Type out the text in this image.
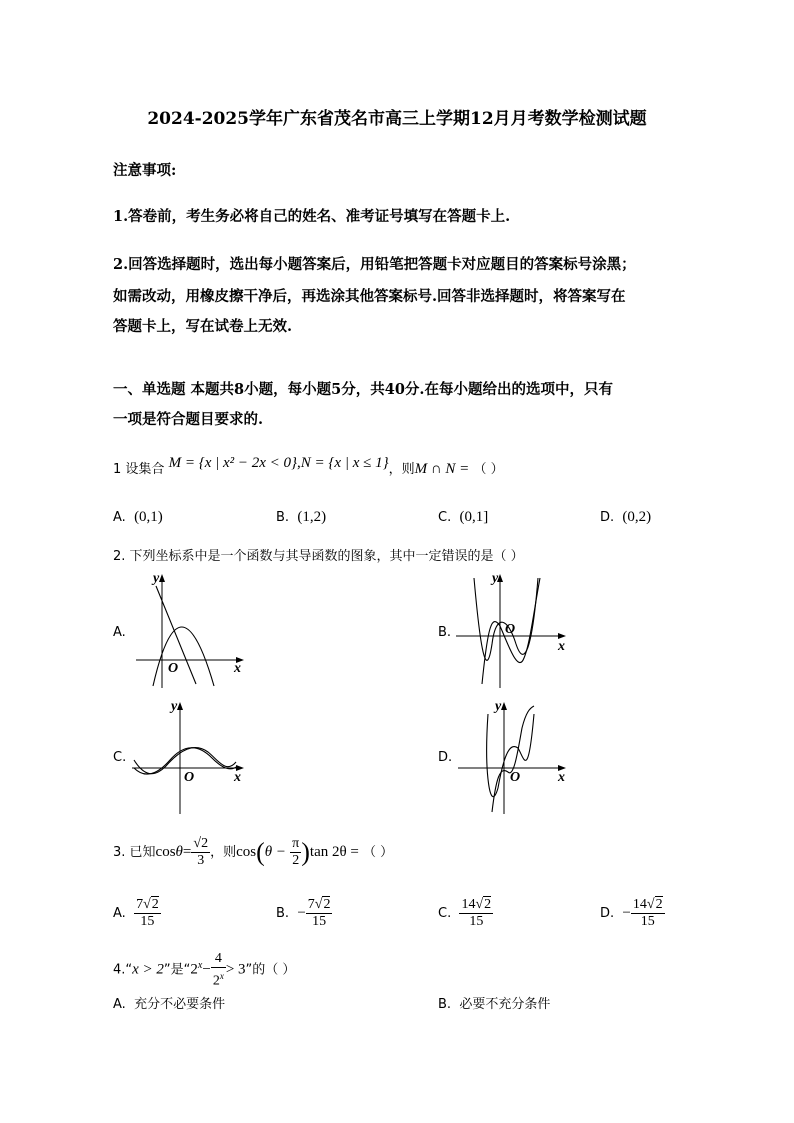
2024-2025学年广东省茂名市高三上学期12月月考数学检测试题
注意事项:
1.答卷前，考生务必将自己的姓名、准考证号填写在答题卡上.
2.回答选择题时，选出每小题答案后，用铅笔把答题卡对应题目的答案标号涂黑；
如需改动，用橡皮擦干净后，再选涂其他答案标号.回答非选择题时，将答案写在
答题卡上，写在试卷上无效.
一、单选题 本题共8小题，每小题5分，共40分.在每小题给出的选项中，只有
一项是符合题目要求的.
1 设集合 M = {x | x² − 2x < 0},N = {x | x ≤ 1}，则M ∩ N = （ ）
A. (0,1)	B. (1,2)	C. (0,1]	D. (0,2)
2. 下列坐标系中是一个函数与其导函数的图象，其中一定错误的是（ ）
A.	B.
C.	D.
y
x
O
y
x
O
y
x
O
y
x
O
3. 已知$\cos\theta= \frac{√2}{3}$ ，则$\cos(\theta - \frac{\pi}{2} )\tan$ 2θ = （ ）
A. $\frac{7√2}{15}$	B. − $\frac{7√2}{15}$	C. $\frac{14√2}{15}$	D. − $\frac{14√2}{15}$
4.“x > 2”是“$2^x- \frac{4}{2^x} > 3$”的（ ）
A. 充分不必要条件	B. 必要不充分条件
